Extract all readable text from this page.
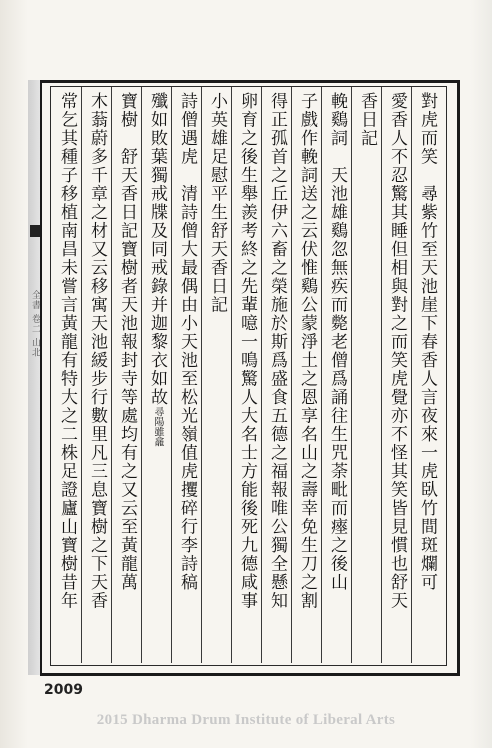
全書 卷二 山北	對虎而笑　尋紫竹至天池崖下春香人言夜來一虎臥竹間斑爛可
愛香人不忍驚其睡但相與對之而笑虎覺亦不怪其笑皆見慣也舒天
香日記
輓鷄詞　天池雄鷄忽無疾而斃老僧爲誦往生咒荼毗而瘞之後山
子戲作輓詞送之云伏惟鷄公蒙淨土之恩享名山之壽幸免生刀之割
得正孤首之丘伊六畜之榮施於斯爲盛食五德之福報唯公獨全懸知
卵育之後生舉羨考終之先輩噫一鳴驚人大名士方能後死九德咸事
小英雄足慰平生舒天香日記
詩僧遇虎　清詩僧大最偶由小天池至松光嶺值虎攫碎行李詩稿
殲如敗葉獨戒牒及同戒錄并迦黎衣如故尋陽雖龕
寶樹　舒天香日記寶樹者天池報封寺等處均有之又云至黃龍萬
木蓊蔚多千章之材又云移寓天池緩步行數里凡三息寶樹之下天香
常乞其種子移植南昌未嘗言黃龍有特大之二株足證廬山寶樹昔年
2009
2015 Dharma Drum Institute of Liberal Arts
